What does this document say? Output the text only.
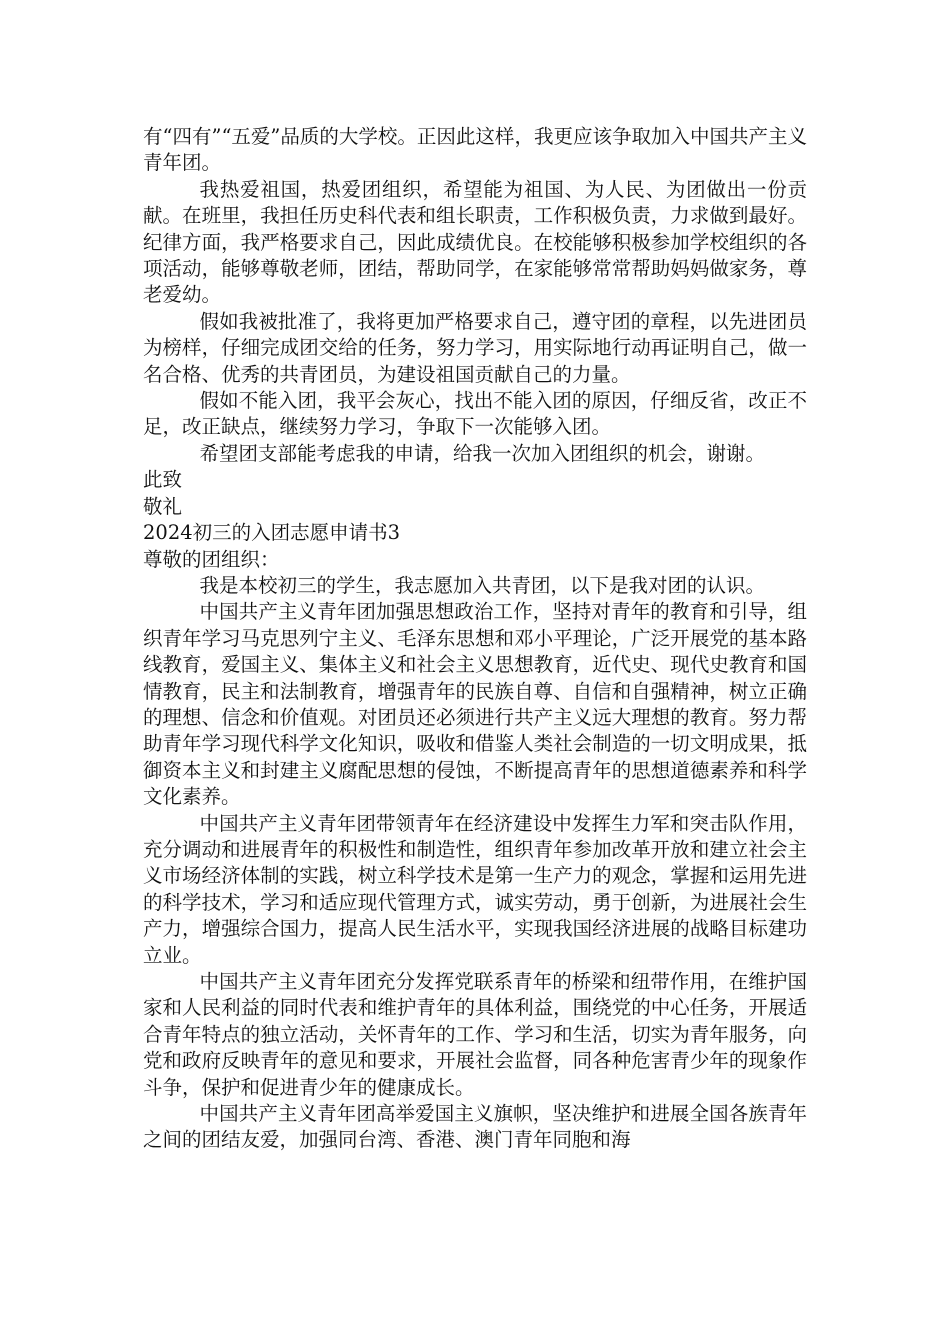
有“四有”“五爱”品质的大学校。正因此这样，我更应该争取加入中国共产主义青年团。

我热爱祖国，热爱团组织，希望能为祖国、为人民、为团做出一份贡献。在班里，我担任历史科代表和组长职责，工作积极负责，力求做到最好。纪律方面，我严格要求自己，因此成绩优良。在校能够积极参加学校组织的各项活动，能够尊敬老师，团结，帮助同学，在家能够常常帮助妈妈做家务，尊老爱幼。

假如我被批准了，我将更加严格要求自己，遵守团的章程，以先进团员为榜样，仔细完成团交给的任务，努力学习，用实际地行动再证明自己，做一名合格、优秀的共青团员，为建设祖国贡献自己的力量。

假如不能入团，我平会灰心，找出不能入团的原因，仔细反省，改正不足，改正缺点，继续努力学习，争取下一次能够入团。

希望团支部能考虑我的申请，给我一次加入团组织的机会，谢谢。

此致

敬礼

2024初三的入团志愿申请书3

尊敬的团组织：

我是本校初三的学生，我志愿加入共青团，以下是我对团的认识。

中国共产主义青年团加强思想政治工作，坚持对青年的教育和引导，组织青年学习马克思列宁主义、毛泽东思想和邓小平理论，广泛开展党的基本路线教育，爱国主义、集体主义和社会主义思想教育，近代史、现代史教育和国情教育，民主和法制教育，增强青年的民族自尊、自信和自强精神，树立正确的理想、信念和价值观。对团员还必须进行共产主义远大理想的教育。努力帮助青年学习现代科学文化知识，吸收和借鉴人类社会制造的一切文明成果，抵御资本主义和封建主义腐配思想的侵蚀，不断提高青年的思想道德素养和科学文化素养。

中国共产主义青年团带领青年在经济建设中发挥生力军和突击队作用，充分调动和进展青年的积极性和制造性，组织青年参加改革开放和建立社会主义市场经济体制的实践，树立科学技术是第一生产力的观念，掌握和运用先进的科学技术，学习和适应现代管理方式，诚实劳动，勇于创新，为进展社会生产力，增强综合国力，提高人民生活水平，实现我国经济进展的战略目标建功立业。

中国共产主义青年团充分发挥党联系青年的桥梁和纽带作用，在维护国家和人民利益的同时代表和维护青年的具体利益，围绕党的中心任务，开展适合青年特点的独立活动，关怀青年的工作、学习和生活，切实为青年服务，向党和政府反映青年的意见和要求，开展社会监督，同各种危害青少年的现象作斗争，保护和促进青少年的健康成长。

中国共产主义青年团高举爱国主义旗帜，坚决维护和进展全国各族青年之间的团结友爱，加强同台湾、香港、澳门青年同胞和海
